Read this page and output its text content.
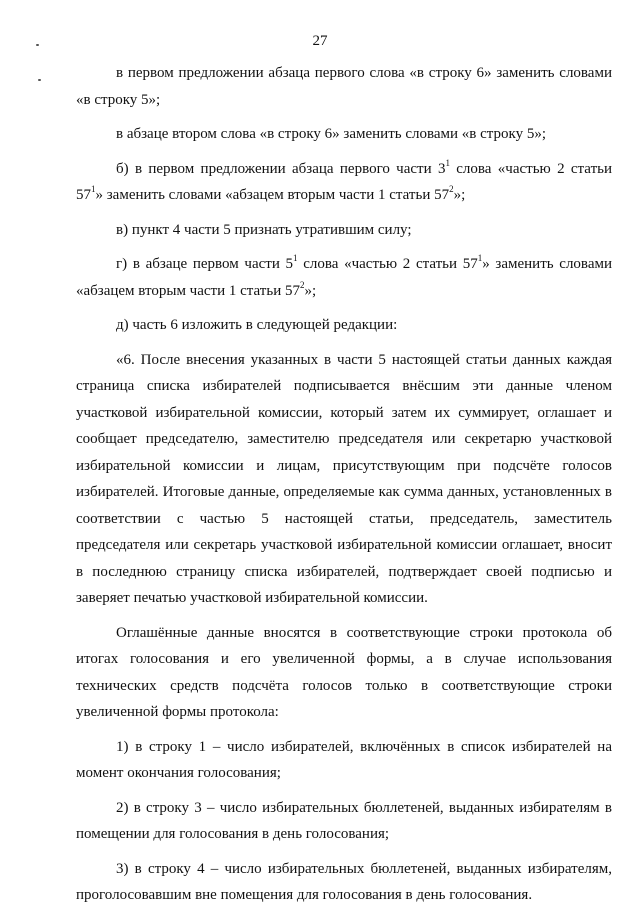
27

в первом предложении абзаца первого слова «в строку 6» заменить словами «в строку 5»;

в абзаце втором слова «в строку 6» заменить словами «в строку 5»;

б) в первом предложении абзаца первого части $3^1$ слова «частью 2 статьи $57^1$» заменить словами «абзацем вторым части 1 статьи $57^2$»;

в) пункт 4 части 5 признать утратившим силу;

г) в абзаце первом части $5^1$ слова «частью 2 статьи $57^1$» заменить словами «абзацем вторым части 1 статьи $57^2$»;

д) часть 6 изложить в следующей редакции:

«6. После внесения указанных в части 5 настоящей статьи данных каждая страница списка избирателей подписывается внёсшим эти данные членом участковой избирательной комиссии, который затем их суммирует, оглашает и сообщает председателю, заместителю председателя или секретарю участковой избирательной комиссии и лицам, присутствующим при подсчёте голосов избирателей. Итоговые данные, определяемые как сумма данных, установленных в соответствии с частью 5 настоящей статьи, председатель, заместитель председателя или секретарь участковой избирательной комиссии оглашает, вносит в последнюю страницу списка избирателей, подтверждает своей подписью и заверяет печатью участковой избирательной комиссии.

Оглашённые данные вносятся в соответствующие строки протокола об итогах голосования и его увеличенной формы, а в случае использования технических средств подсчёта голосов только в соответствующие строки увеличенной формы протокола:

1) в строку 1 – число избирателей, включённых в список избирателей на момент окончания голосования;

2) в строку 3 – число избирательных бюллетеней, выданных избирателям в помещении для голосования в день голосования;

3) в строку 4 – число избирательных бюллетеней, выданных избирателям, проголосовавшим вне помещения для голосования в день голосования.
